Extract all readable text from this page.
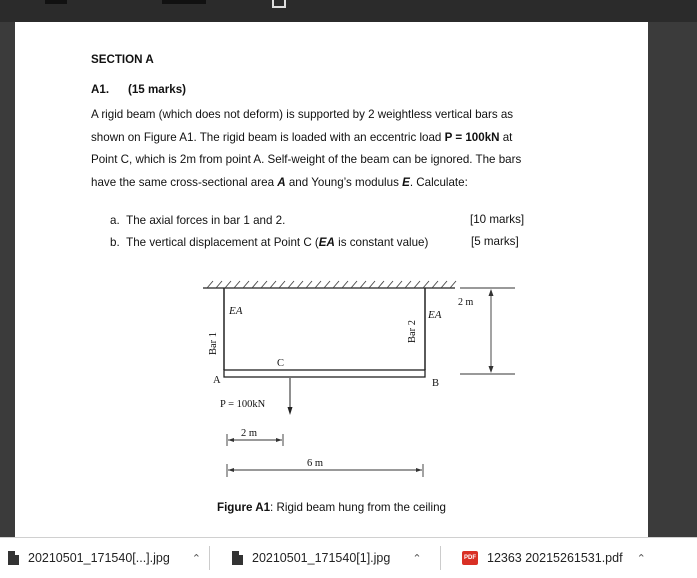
SECTION A
A1. (15 marks)
A rigid beam (which does not deform) is supported by 2 weightless vertical bars as
shown on Figure A1. The rigid beam is loaded with an eccentric load P = 100kN at
Point C, which is 2m from point A. Self-weight of the beam can be ignored. The bars
have the same cross-sectional area A and Young’s modulus E. Calculate:
a. The axial forces in bar 1 and 2.	[10 marks]
b. The vertical displacement at Point C (EA is constant value)	[5 marks]
EA	EA
2 m
Bar 1
Bar 2
C
A	B
P = 100kN
2 m
6 m
Figure A1: Rigid beam hung from the ceiling
20210501_171540[...].jpg ⌃	20210501_171540[1].jpg ⌃	PDF 12363 20215261531.pdf ⌃
